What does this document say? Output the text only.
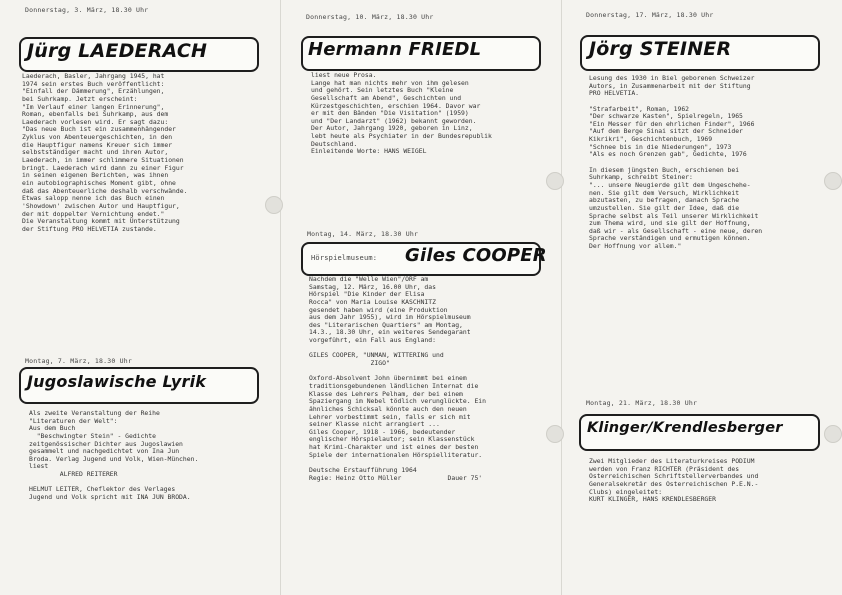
Donnerstag, 3. März, 18.30 Uhr
Jürg LAEDERACH
Laederach, Basler, Jahrgang 1945, hat
1974 sein erstes Buch veröffentlicht:
"Einfall der Dämmerung", Erzählungen,
bei Suhrkamp. Jetzt erscheint:
"Im Verlauf einer langen Erinnerung",
Roman, ebenfalls bei Suhrkamp, aus dem
Laederach vorlesen wird. Er sagt dazu:
"Das neue Buch ist ein zusammenhängender
Zyklus von Abenteuergeschichten, in den
die Hauptfigur namens Kreuer sich immer
selbstständiger macht und ihren Autor,
Laederach, in immer schlimmere Situationen
bringt. Laederach wird dann zu einer Figur
in seinen eigenen Berichten, was ihnen
ein autobiographisches Moment gibt, ohne
daß das Abenteuerliche deshalb verschwände.
Etwas salopp nenne ich das Buch einen
'Showdown' zwischen Autor und Hauptfigur,
der mit doppelter Vernichtung endet."
Die Veranstaltung kommt mit Unterstützung
der Stiftung PRO HELVETIA zustande.
Montag, 7. März, 18.30 Uhr
Jugoslawische Lyrik
Als zweite Veranstaltung der Reihe
"Literaturen der Welt":
Aus dem Buch
"Beschwingter Stein" - Gedichte
zeitgenössischer Dichter aus Jugoslawien
gesammelt und nachgedichtet von Ina Jun
Broda. Verlag Jugend und Volk, Wien-München.
liest
ALFRED REITERER
HELMUT LEITER, Cheflektor des Verlages
Jugend und Volk spricht mit INA JUN BRODA.
Donnerstag, 10. März, 18.30 Uhr
Hermann FRIEDL
liest neue Prosa.
Lange hat man nichts mehr von ihm gelesen
und gehört. Sein letztes Buch "Kleine
Gesellschaft am Abend", Geschichten und
Kürzestgeschichten, erschien 1964. Davor war
er mit den Bänden "Die Visitation" (1959)
und "Der Landarzt" (1962) bekannt geworden.
Der Autor, Jahrgang 1920, geboren in Linz,
lebt heute als Psychiater in der Bundesrepublik
Deutschland.
Einleitende Worte: HANS WEIGEL
Montag, 14. März, 18.30 Uhr
Hörspielmuseum: Giles COOPER
Nachdem die "Welle Wien"/ORF am
Samstag, 12. März, 16.00 Uhr, das
Hörspiel "Die Kinder der Elisa
Rocca" von Maria Louise KASCHNITZ
gesendet haben wird (eine Produktion
aus dem Jahr 1955), wird im Hörspielmuseum
des "Literarischen Quartiers" am Montag,
14.3., 18.30 Uhr, ein weiteres Sendegarant
vorgeführt, ein Fall aus England:
GILES COOPER, "UNMAN, WITTERING und
ZIGO"
Oxford-Absolvent John übernimmt bei einem
traditionsgebundenen ländlichen Internat die
Klasse des Lehrers Pelham, der bei einem
Spaziergang im Nebel tödlich verunglückte. Ein
ähnliches Schicksal könnte auch den neuen
Lehrer vorbestimmt sein, falls er sich mit
seiner Klasse nicht arrangiert ...
Giles Cooper, 1918 - 1966, bedeutender
englischer Hörspielautor; sein Klassenstück
hat Krimi-Charakter und ist eines der besten
Spiele der internationalen Hörspielliteratur.
Deutsche Erstaufführung 1964
Regie: Heinz Otto Müller            Dauer 75'
Donnerstag, 17. März, 18.30 Uhr
Jörg STEINER
Lesung des 1930 in Biel geborenen Schweizer
Autors, in Zusammenarbeit mit der Stiftung
PRO HELVETIA.
"Strafarbeit", Roman, 1962
"Der schwarze Kasten", Spielregeln, 1965
"Ein Messer für den ehrlichen Finder", 1966
"Auf dem Berge Sinai sitzt der Schneider
Kikrikri", Geschichtenbuch, 1969
"Schnee bis in die Niederungen", 1973
"Als es noch Grenzen gab", Gedichte, 1976
In diesem jüngsten Buch, erschienen bei
Suhrkamp, schreibt Steiner:
"... unsere Neugierde gilt dem Ungeschehe-
nen. Sie gilt dem Versuch, Wirklichkeit
abzutasten, zu befragen, danach Sprache
umzustellen. Sie gilt der Idee, daß die
Sprache selbst als Teil unserer Wirklichkeit
zum Thema wird, und sie gilt der Hoffnung,
daß wir - als Gesellschaft - eine neue, deren
Sprache verständigen und ermutigen können.
Der Hoffnung vor allem."
Montag, 21. März, 18.30 Uhr
Klinger/Krendlesberger
Zwei Mitglieder des Literaturkreises PODIUM
werden von Franz RICHTER (Präsident des
Österreichischen Schriftstellerverbandes und
Generalsekretär des Österreichischen P.E.N.-
Clubs) eingeleitet:
KURT KLINGER, HANS KRENDLESBERGER
